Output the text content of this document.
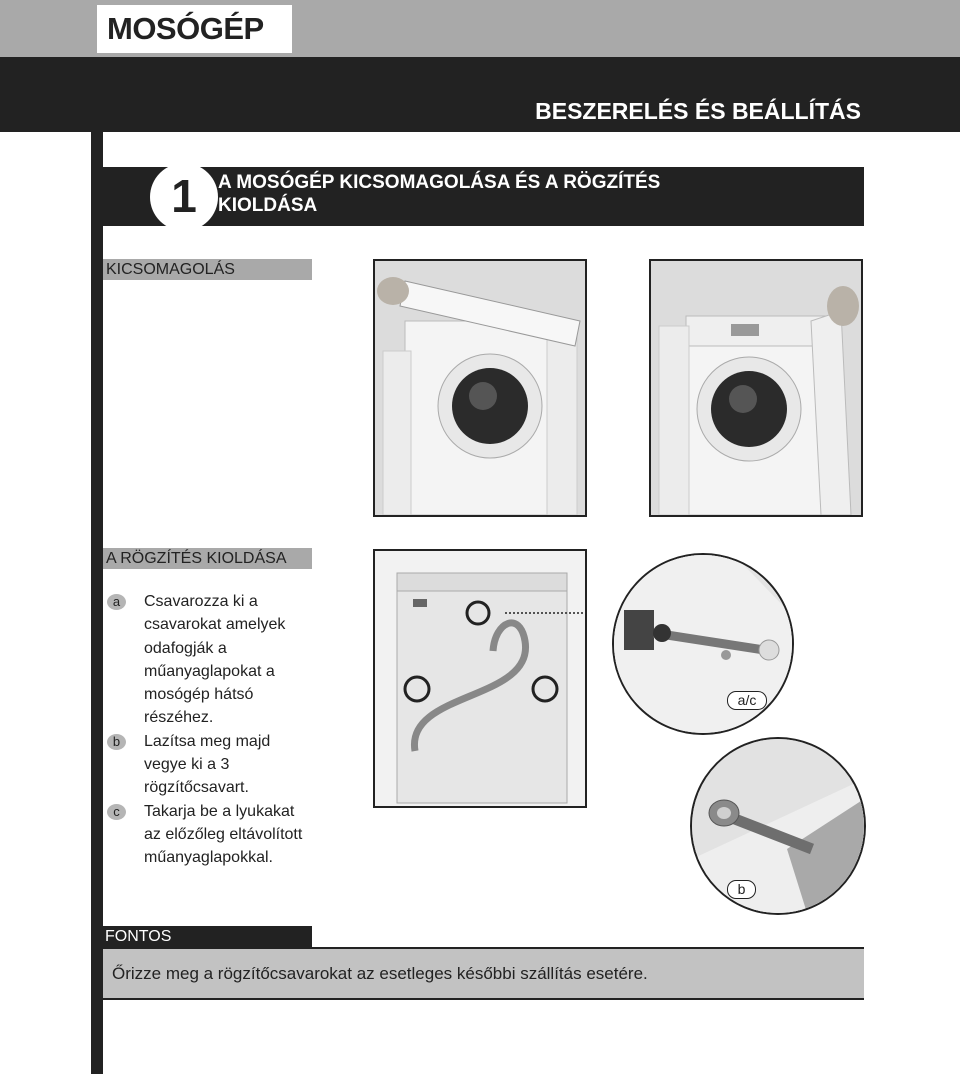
MOSÓGÉP
BESZERELÉS ÉS BEÁLLÍTÁS
1	A MOSÓGÉP KICSOMAGOLÁSA ÉS A RÖGZÍTÉS
KIOLDÁSA
KICSOMAGOLÁS
A RÖGZÍTÉS KIOLDÁSA
a	Csavarozza ki a csavarokat amelyek odafogják a műanyaglapokat a mosógép hátsó részéhez.
b	Lazítsa meg majd vegye ki a 3 rögzítőcsavart.
c	Takarja be a lyukakat az előzőleg eltávolított műanyaglapokkal.
a/c
b
FONTOS
Őrizze meg a rögzítőcsavarokat az esetleges későbbi szállítás esetére.
